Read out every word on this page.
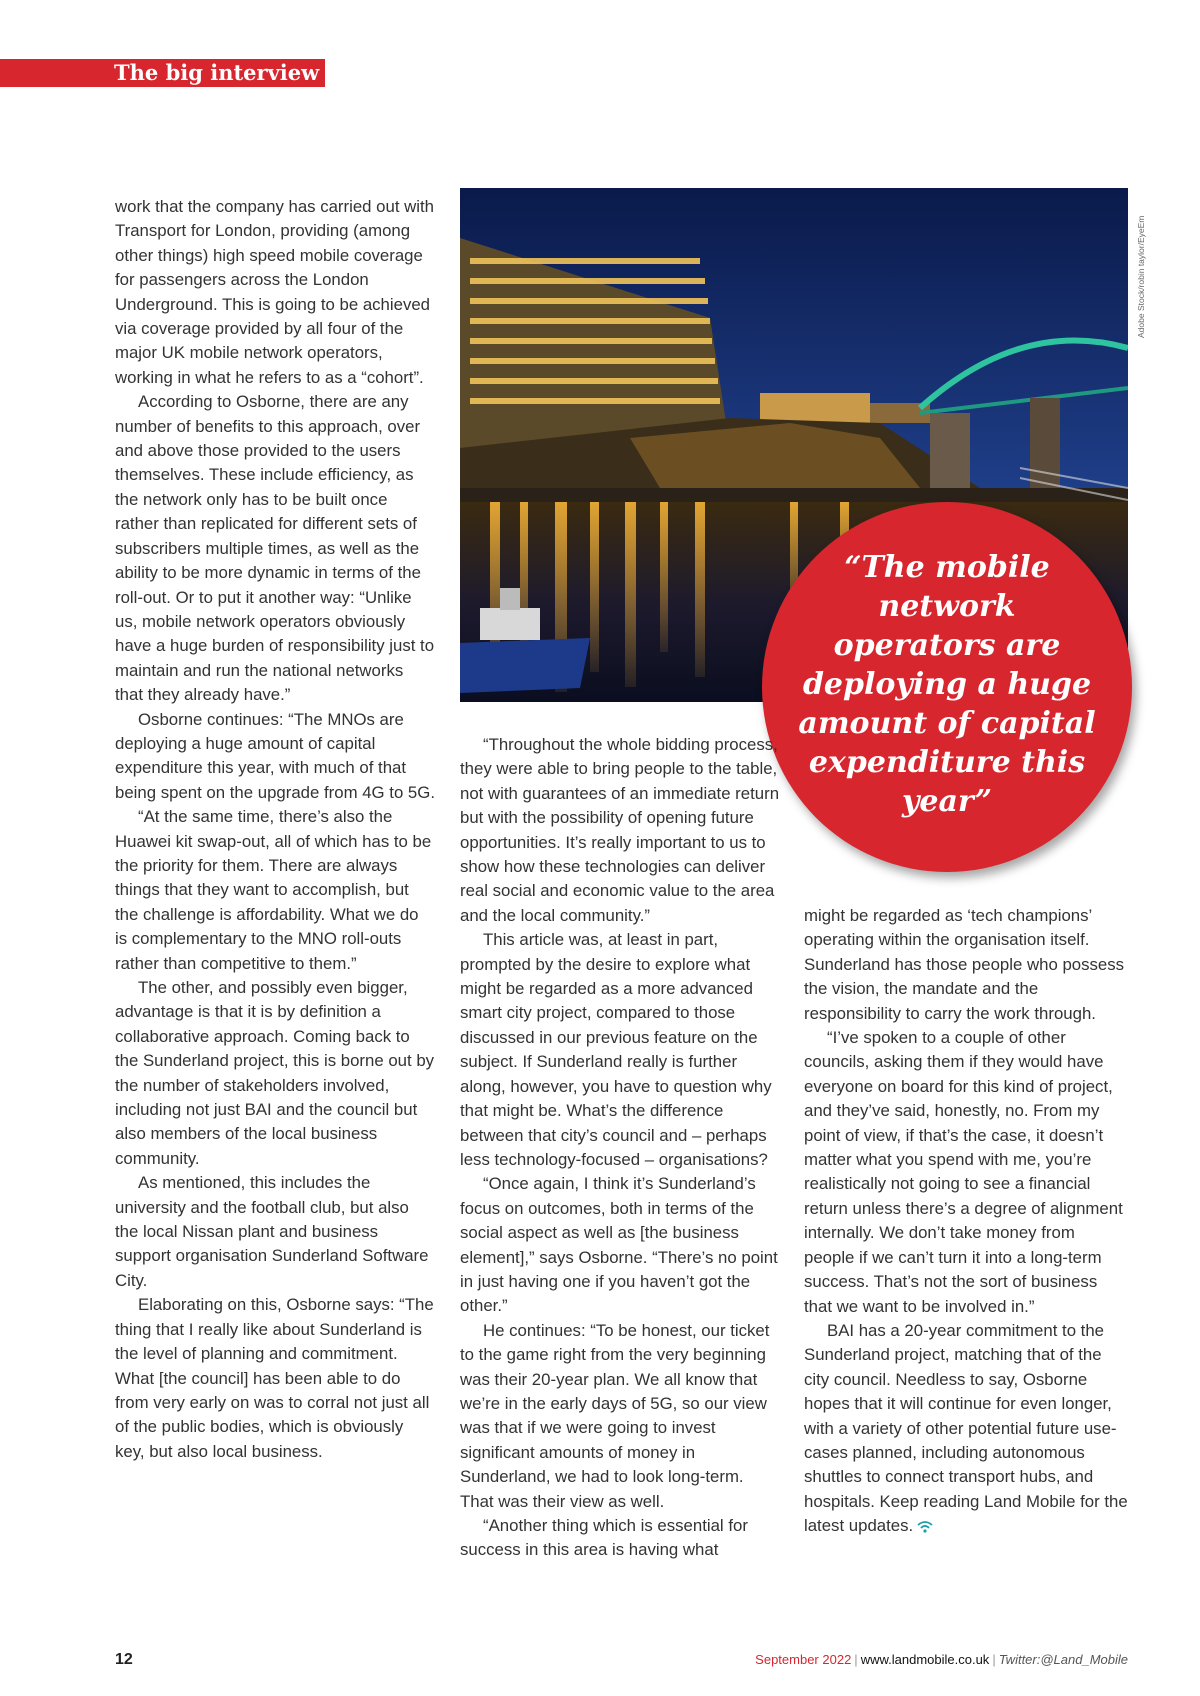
The big interview

work that the company has carried out with Transport for London, providing (among other things) high speed mobile coverage for passengers across the London Underground. This is going to be achieved via coverage provided by all four of the major UK mobile network operators, working in what he refers to as a “cohort”.

According to Osborne, there are any number of benefits to this approach, over and above those provided to the users themselves. These include efficiency, as the network only has to be built once rather than replicated for different sets of subscribers multiple times, as well as the ability to be more dynamic in terms of the roll-out. Or to put it another way: “Unlike us, mobile network operators obviously have a huge burden of responsibility just to maintain and run the national networks that they already have.”

Osborne continues: “The MNOs are deploying a huge amount of capital expenditure this year, with much of that being spent on the upgrade from 4G to 5G.

“At the same time, there’s also the Huawei kit swap-out, all of which has to be the priority for them. There are always things that they want to accomplish, but the challenge is affordability. What we do is complementary to the MNO roll-outs rather than competitive to them.”

The other, and possibly even bigger, advantage is that it is by definition a collaborative approach. Coming back to the Sunderland project, this is borne out by the number of stakeholders involved, including not just BAI and the council but also members of the local business community.

As mentioned, this includes the university and the football club, but also the local Nissan plant and business support organisation Sunderland Software City.

Elaborating on this, Osborne says: “The thing that I really like about Sunderland is the level of planning and commitment. What [the council] has been able to do from very early on was to corral not just all of the public bodies, which is obviously key, but also local business.

Adobe Stock/robin taylor/EyeEm
“The mobile network operators are deploying a huge amount of capital expenditure this year”

“Throughout the whole bidding process, they were able to bring people to the table, not with guarantees of an immediate return but with the possibility of opening future opportunities. It’s really important to us to show how these technologies can deliver real social and economic value to the area and the local community.”

This article was, at least in part, prompted by the desire to explore what might be regarded as a more advanced smart city project, compared to those discussed in our previous feature on the subject. If Sunderland really is further along, however, you have to question why that might be. What’s the difference between that city’s council and – perhaps less technology-focused – organisations?

“Once again, I think it’s Sunderland’s focus on outcomes, both in terms of the social aspect as well as [the business element],” says Osborne. “There’s no point in just having one if you haven’t got the other.”

He continues: “To be honest, our ticket to the game right from the very beginning was their 20-year plan. We all know that we’re in the early days of 5G, so our view was that if we were going to invest significant amounts of money in Sunderland, we had to look long-term. That was their view as well.

“Another thing which is essential for success in this area is having what

might be regarded as ‘tech champions’ operating within the organisation itself. Sunderland has those people who possess the vision, the mandate and the responsibility to carry the work through.

“I’ve spoken to a couple of other councils, asking them if they would have everyone on board for this kind of project, and they’ve said, honestly, no. From my point of view, if that’s the case, it doesn’t matter what you spend with me, you’re realistically not going to see a financial return unless there’s a degree of alignment internally. We don’t take money from people if we can’t turn it into a long-term success. That’s not the sort of business that we want to be involved in.”

BAI has a 20-year commitment to the Sunderland project, matching that of the city council. Needless to say, Osborne hopes that it will continue for even longer, with a variety of other potential future use-cases planned, including autonomous shuttles to connect transport hubs, and hospitals. Keep reading Land Mobile for the latest updates.

12	September 2022 | www.landmobile.co.uk | Twitter:@Land_Mobile
